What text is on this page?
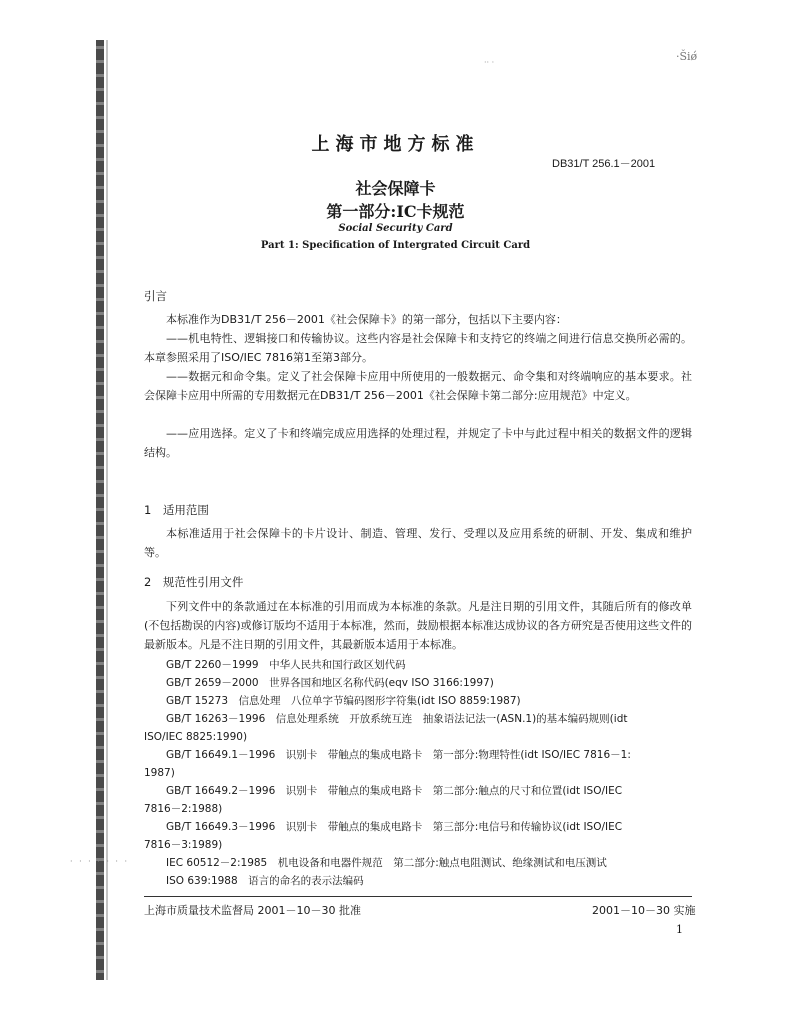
·Šiǿ
·· ·
上海市地方标准
DB31/T 256.1－2001
社会保障卡
第一部分:IC卡规范
Social Security Card
Part 1: Specification of Intergrated Circuit Card
引言
本标准作为DB31/T 256－2001《社会保障卡》的第一部分，包括以下主要内容：
——机电特性、逻辑接口和传输协议。这些内容是社会保障卡和支持它的终端之间进行信息交换所必需的。本章参照采用了ISO/IEC 7816第1至第3部分。
——数据元和命令集。定义了社会保障卡应用中所使用的一般数据元、命令集和对终端响应的基本要求。社会保障卡应用中所需的专用数据元在DB31/T 256－2001《社会保障卡第二部分:应用规范》中定义。
——应用选择。定义了卡和终端完成应用选择的处理过程，并规定了卡中与此过程中相关的数据文件的逻辑结构。
1　适用范围
本标准适用于社会保障卡的卡片设计、制造、管理、发行、受理以及应用系统的研制、开发、集成和维护等。
2　规范性引用文件
下列文件中的条款通过在本标准的引用而成为本标准的条款。凡是注日期的引用文件，其随后所有的修改单(不包括勘误的内容)或修订版均不适用于本标准，然而，鼓励根据本标准达成协议的各方研究是否使用这些文件的最新版本。凡是不注日期的引用文件，其最新版本适用于本标准。
GB/T 2260－1999　 中华人民共和国行政区划代码
GB/T 2659－2000　 世界各国和地区名称代码(eqv ISO 3166:1997)
GB/T 15273　 信息处理　八位单字节编码图形字符集(idt ISO 8859:1987)
GB/T 16263－1996　 信息处理系统　开放系统互连　抽象语法记法一(ASN.1)的基本编码规则(idt
ISO/IEC 8825:1990)
GB/T 16649.1－1996　 识别卡　带触点的集成电路卡　第一部分:物理特性(idt ISO/IEC 7816－1:
1987)
GB/T 16649.2－1996　 识别卡　带触点的集成电路卡　第二部分:触点的尺寸和位置(idt ISO/IEC
7816－2:1988)
GB/T 16649.3－1996　 识别卡　带触点的集成电路卡　第三部分:电信号和传输协议(idt ISO/IEC
7816－3:1989)
IEC 60512－2:1985　 机电设备和电器件规范　第二部分:触点电阻测试、绝缘测试和电压测试
ISO 639:1988　 语言的命名的表示法编码
· · · · · · ·
上海市质量技术监督局 2001－10－30 批准	2001－10－30 实施
1
